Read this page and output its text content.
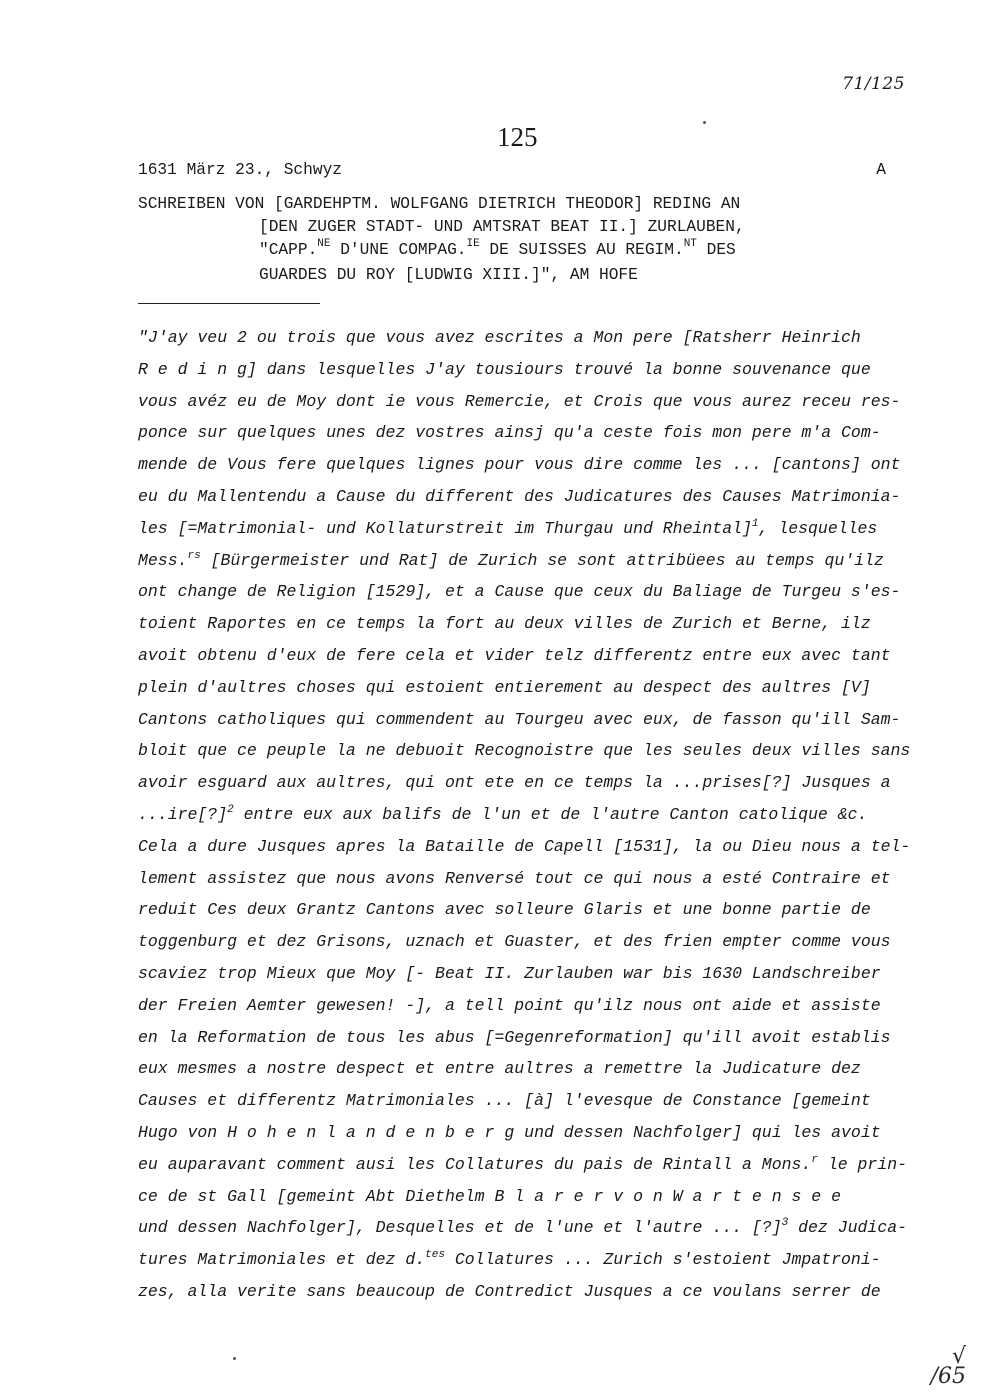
71/125
125
1631 März 23., Schwyz	A
SCHREIBEN VON [GARDEHPTM. WOLFGANG DIETRICH THEODOR] REDING AN
[DEN ZUGER STADT- UND AMTSRAT BEAT II.] ZURLAUBEN,
"CAPP.$^{NE}$ D'UNE COMPAG.$^{IE}$ DE SUISSES AU REGIM.$^{NT}$ DES
GUARDES DU ROY [LUDWIG XIII.]", AM HOFE
"J'ay veu 2 ou trois que vous avez escrites a Mon pere [Ratsherr Heinrich
R e d i n g] dans lesquelles J'ay tousiours trouvé la bonne souvenance que
vous avéz eu de Moy dont ie vous Remercie, et Crois que vous aurez receu res-
ponce sur quelques unes dez vostres ainsj qu'a ceste fois mon pere m'a Com-
mende de Vous fere quelques lignes pour vous dire comme les ... [cantons] ont
eu du Mallentendu a Cause du different des Judicatures des Causes Matrimonia-
les [=Matrimonial- und Kollaturstreit im Thurgau und Rheintal]$^1$, lesquelles
Mess.$^{rs}$ [Bürgermeister und Rat] de Zurich se sont attribüees au temps qu'ilz
ont change de Religion [1529], et a Cause que ceux du Baliage de Turgeu s'es-
toient Raportes en ce temps la fort au deux villes de Zurich et Berne, ilz
avoit obtenu d'eux de fere cela et vider telz differentz entre eux avec tant
plein d'aultres choses qui estoient entierement au despect des aultres [V]
Cantons catholiques qui commendent au Tourgeu avec eux, de fasson qu'ill Sam-
bloit que ce peuple la ne debuoit Recognoistre que les seules deux villes sans
avoir esguard aux aultres, qui ont ete en ce temps la ...prises[?] Jusques a
...ire[?]$^2$ entre eux aux balifs de l'un et de l'autre Canton catolique &c.
Cela a dure Jusques apres la Bataille de Capell [1531], la ou Dieu nous a tel-
lement assistez que nous avons Renversé tout ce qui nous a esté Contraire et
reduit Ces deux Grantz Cantons avec solleure Glaris et une bonne partie de
toggenburg et dez Grisons, uznach et Guaster, et des frien empter comme vous
scaviez trop Mieux que Moy [- Beat II. Zurlauben war bis 1630 Landschreiber
der Freien Aemter gewesen! -], a tell point qu'ilz nous ont aide et assiste
en la Reformation de tous les abus [=Gegenreformation] qu'ill avoit establis
eux mesmes a nostre despect et entre aultres a remettre la Judicature dez
Causes et differentz Matrimoniales ... [à] l'evesque de Constance [gemeint
Hugo von H o h e n l a n d e n b e r g und dessen Nachfolger] qui les avoit
eu auparavant comment ausi les Collatures du pais de Rintall a Mons.$^r$ le prin-
ce de st Gall [gemeint Abt Diethelm B l a r e r v o n W a r t e n s e e
und dessen Nachfolger], Desquelles et de l'une et l'autre ... [?]$^3$ dez Judica-
tures Matrimoniales et dez d.$^{tes}$ Collatures ... Zurich s'estoient Jmpatroni-
zes, alla verite sans beaucoup de Contredict Jusques a ce voulans serrer de
√
/65
